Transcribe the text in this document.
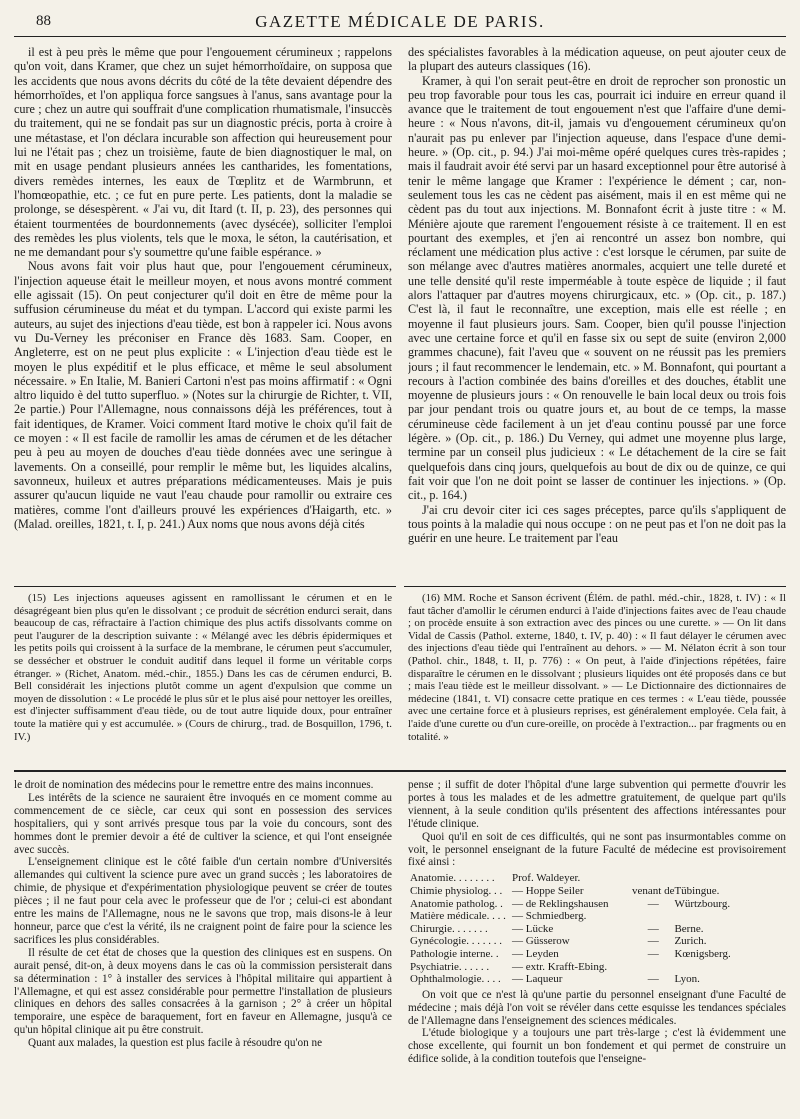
88	GAZETTE MÉDICALE DE PARIS.

il est à peu près le même que pour l'engouement cérumineux ; rappelons qu'on voit, dans Kramer, que chez un sujet hémorrhoïdaire, on supposa que les accidents que nous avons décrits du côté de la tête devaient dépendre des hémorrhoïdes, et l'on appliqua force sangsues à l'anus, sans avantage pour la cure ; chez un autre qui souffrait d'une complication rhumatismale, l'insuccès du traitement, qui ne se fondait pas sur un diagnostic précis, porta à croire à une métastase, et l'on déclara incurable son affection qui heureusement pour lui ne l'était pas ; chez un troisième, faute de bien diagnostiquer le mal, on mit en usage pendant plusieurs années les cantharides, les fomentations, divers remèdes internes, les eaux de Tœplitz et de Warmbrunn, et l'homœopathie, etc. ; ce fut en pure perte. Les patients, dont la maladie se prolonge, se désespèrent. « J'ai vu, dit Itard (t. II, p. 23), des personnes qui étaient tourmentées de bourdonnements (avec dysécée), solliciter l'emploi des remèdes les plus violents, tels que le moxa, le séton, la cautérisation, et ne me demandant pour s'y soumettre qu'une faible espérance. »

Nous avons fait voir plus haut que, pour l'engouement cérumineux, l'injection aqueuse était le meilleur moyen, et nous avons montré comment elle agissait (15). On peut conjecturer qu'il doit en être de même pour la suffusion cérumineuse du méat et du tympan. L'accord qui existe parmi les auteurs, au sujet des injections d'eau tiède, est bon à rappeler ici. Nous avons vu Du-Verney les préconiser en France dès 1683. Sam. Cooper, en Angleterre, est on ne peut plus explicite : « L'injection d'eau tiède est le moyen le plus expéditif et le plus efficace, et même le seul absolument nécessaire. » En Italie, M. Banieri Cartoni n'est pas moins affirmatif : « Ogni altro liquido è del tutto superfluo. » (Notes sur la chirurgie de Richter, t. VII, 2e partie.) Pour l'Allemagne, nous connaissons déjà les préférences, tout à fait identiques, de Kramer. Voici comment Itard motive le choix qu'il fait de ce moyen : « Il est facile de ramollir les amas de cérumen et de les détacher peu à peu au moyen de douches d'eau tiède données avec une seringue à lavements. On a conseillé, pour remplir le même but, les liquides alcalins, savonneux, huileux et autres préparations médicamenteuses. Mais je puis assurer qu'aucun liquide ne vaut l'eau chaude pour ramollir ou extraire ces matières, comme l'ont d'ailleurs prouvé les expériences d'Haigarth, etc. » (Malad. oreilles, 1821, t. I, p. 241.) Aux noms que nous avons déjà cités

des spécialistes favorables à la médication aqueuse, on peut ajouter ceux de la plupart des auteurs classiques (16).

Kramer, à qui l'on serait peut-être en droit de reprocher son pronostic un peu trop favorable pour tous les cas, pourrait ici induire en erreur quand il avance que le traitement de tout engouement n'est que l'affaire d'une demi-heure : « Nous n'avons, dit-il, jamais vu d'engouement cérumineux qu'on n'aurait pas pu enlever par l'injection aqueuse, dans l'espace d'une demi-heure. » (Op. cit., p. 94.) J'ai moi-même opéré quelques cures très-rapides ; mais il faudrait avoir été servi par un hasard exceptionnel pour être autorisé à tenir le même langage que Kramer : l'expérience le dément ; car, non-seulement tous les cas ne cèdent pas aisément, mais il en est même qui ne cèdent pas du tout aux injections. M. Bonnafont écrit à juste titre : « M. Ménière ajoute que rarement l'engouement résiste à ce traitement. Il en est pourtant des exemples, et j'en ai rencontré un assez bon nombre, qui réclament une médication plus active : c'est lorsque le cérumen, par suite de son mélange avec d'autres matières anormales, acquiert une telle dureté et une telle densité qu'il reste imperméable à toute espèce de liquide ; il faut alors l'attaquer par d'autres moyens chirurgicaux, etc. » (Op. cit., p. 187.) C'est là, il faut le reconnaître, une exception, mais elle est réelle ; en moyenne il faut plusieurs jours. Sam. Cooper, bien qu'il pousse l'injection avec une certaine force et qu'il en fasse six ou sept de suite (environ 2,000 grammes chacune), fait l'aveu que « souvent on ne réussit pas les premiers jours ; il faut recommencer le lendemain, etc. » M. Bonnafont, qui pourtant a recours à l'action combinée des bains d'oreilles et des douches, établit une moyenne de plusieurs jours : « On renouvelle le bain local deux ou trois fois par jour pendant trois ou quatre jours et, au bout de ce temps, la masse cérumineuse cède facilement à un jet d'eau continu poussé par une force légère. » (Op. cit., p. 186.) Du Verney, qui admet une moyenne plus large, termine par un conseil plus judicieux : « Le détachement de la cire se fait quelquefois dans cinq jours, quelquefois au bout de dix ou de quinze, ce qui fait voir que l'on ne doit point se lasser de continuer les injections. » (Op. cit., p. 164.)

J'ai cru devoir citer ici ces sages préceptes, parce qu'ils s'appliquent de tous points à la maladie qui nous occupe : on ne peut pas et l'on ne doit pas la guérir en une heure. Le traitement par l'eau

(15) Les injections aqueuses agissent en ramollissant le cérumen et en le désagrégeant bien plus qu'en le dissolvant ; ce produit de sécrétion endurci serait, dans beaucoup de cas, réfractaire à l'action chimique des plus actifs dissolvants comme on peut l'augurer de la description suivante : « Mélangé avec les débris épidermiques et les petits poils qui croissent à la surface de la membrane, le cérumen peut s'accumuler, se dessécher et obstruer le conduit auditif dans lequel il forme un véritable corps étranger. » (Richet, Anatom. méd.-chir., 1855.) Dans les cas de cérumen endurci, B. Bell considérait les injections plutôt comme un agent d'expulsion que comme un moyen de dissolution : « Le procédé le plus sûr et le plus aisé pour nettoyer les oreilles, est d'injecter suffisamment d'eau tiède, ou de tout autre liquide doux, pour entraîner toute la matière qui y est accumulée. » (Cours de chirurg., trad. de Bosquillon, 1796, t. IV.)

(16) MM. Roche et Sanson écrivent (Élém. de pathl. méd.-chir., 1828, t. IV) : « Il faut tâcher d'amollir le cérumen endurci à l'aide d'injections faites avec de l'eau chaude ; on procède ensuite à son extraction avec des pinces ou une curette. » — On lit dans Vidal de Cassis (Pathol. externe, 1840, t. IV, p. 40) : « Il faut délayer le cérumen avec des injections d'eau tiède qui l'entraînent au dehors. » — M. Nélaton écrit à son tour (Pathol. chir., 1848, t. II, p. 776) : « On peut, à l'aide d'injections répétées, faire disparaître le cérumen en le dissolvant ; plusieurs liquides ont été proposés dans ce but ; mais l'eau tiède est le meilleur dissolvant. » — Le Dictionnaire des dictionnaires de médecine (1841, t. VI) consacre cette pratique en ces termes : « L'eau tiède, poussée avec une certaine force et à plusieurs reprises, est généralement employée. Cela fait, à l'aide d'une curette ou d'un cure-oreille, on procède à l'extraction... par fragments ou en totalité. »

le droit de nomination des médecins pour le remettre entre des mains inconnues.

Les intérêts de la science ne sauraient être invoqués en ce moment comme au commencement de ce siècle, car ceux qui sont en possession des services hospitaliers, qui y sont arrivés presque tous par la voie du concours, sont des hommes dont le premier devoir a été de cultiver la science, et qui l'ont enseignée avec succès.

L'enseignement clinique est le côté faible d'un certain nombre d'Universités allemandes qui cultivent la science pure avec un grand succès ; les laboratoires de chimie, de physique et d'expérimentation physiologique peuvent se créer de toutes pièces ; il ne faut pour cela avec le professeur que de l'or ; celui-ci est abondant entre les mains de l'Allemagne, nous ne le savons que trop, mais disons-le à leur honneur, parce que c'est la vérité, ils ne craignent point de faire pour la science les sacrifices les plus considérables.

Il résulte de cet état de choses que la question des cliniques est en suspens. On aurait pensé, dit-on, à deux moyens dans le cas où la commission persisterait dans sa détermination : 1° à installer des services à l'hôpital militaire qui appartient à l'Allemagne, et qui est assez considérable pour permettre l'installation de plusieurs cliniques en dehors des salles consacrées à la garnison ; 2° à créer un hôpital temporaire, une espèce de baraquement, fort en faveur en Allemagne, jusqu'à ce qu'un hôpital clinique ait pu être construit.

Quant aux malades, la question est plus facile à résoudre qu'on ne

pense ; il suffit de doter l'hôpital d'une large subvention qui permette d'ouvrir les portes à tous les malades et de les admettre gratuitement, de quelque part qu'ils viennent, à la seule condition qu'ils présentent des affections intéressantes pour l'étude clinique.

Quoi qu'il en soit de ces difficultés, qui ne sont pas insurmontables comme on voit, le personnel enseignant de la future Faculté de médecine est provisoirement fixé ainsi :

Anatomie. . . . . . . .	Prof. Waldeyer.		
Chimie physiolog. . .	— Hoppe Seiler	venant de	Tübingue.
Anatomie patholog. .	— de Reklingshausen	—	Würtzbourg.
Matière médicale. . . .	— Schmiedberg.		
Chirurgie. . . . . . .	— Lücke	—	Berne.
Gynécologie. . . . . . .	— Güsserow	—	Zurich.
Pathologie interne. .	— Leyden	—	Kœnigsberg.
Psychiatrie. . . . . .	— extr. Krafft-Ebing.		
Ophthalmologie. . . .	— Laqueur	—	Lyon.

On voit que ce n'est là qu'une partie du personnel enseignant d'une Faculté de médecine ; mais déjà l'on voit se révéler dans cette esquisse les tendances spéciales de l'Allemagne dans l'enseignement des sciences médicales.

L'étude biologique y a toujours une part très-large ; c'est là évidemment une chose excellente, qui fournit un bon fondement et qui permet de construire un édifice solide, à la condition toutefois que l'enseigne-
